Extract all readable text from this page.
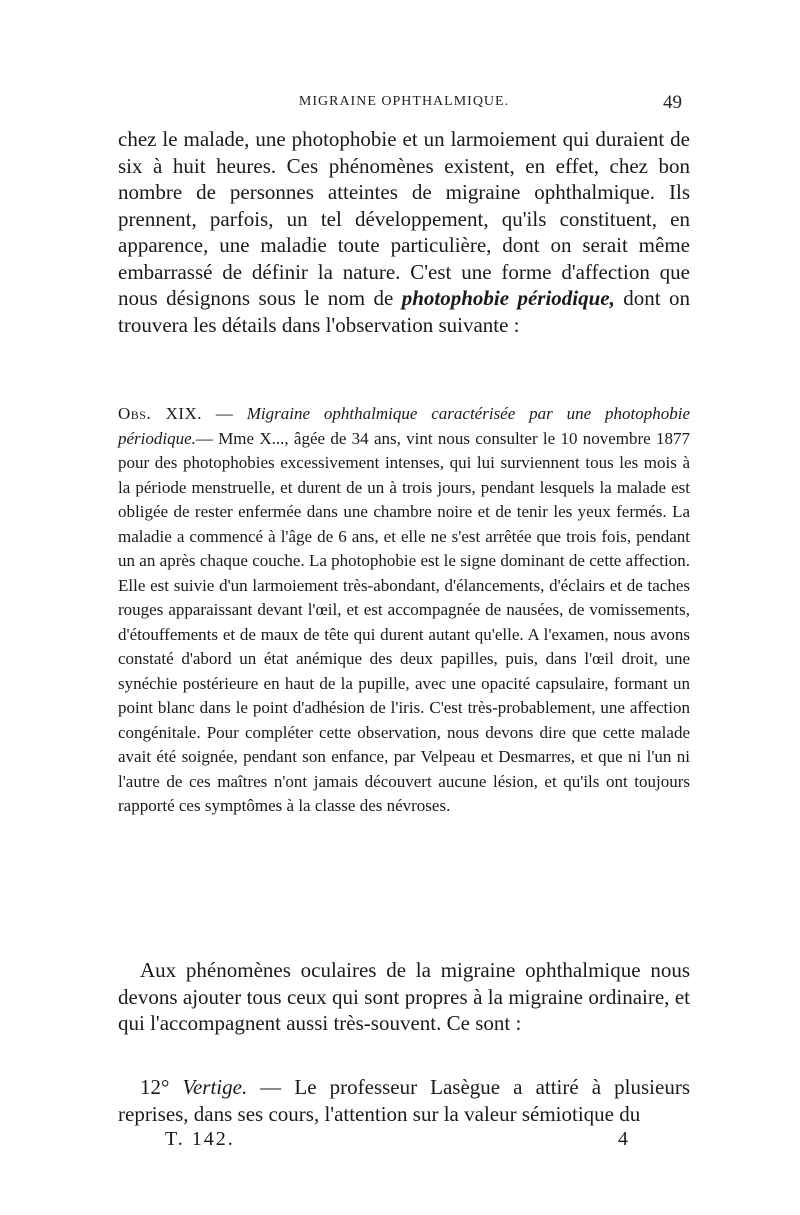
MIGRAINE OPHTHALMIQUE.	49

chez le malade, une photophobie et un larmoiement qui duraient de six à huit heures. Ces phénomènes existent, en effet, chez bon nombre de personnes atteintes de migraine ophthalmique. Ils prennent, parfois, un tel développement, qu'ils constituent, en apparence, une maladie toute particulière, dont on serait même embarrassé de définir la nature. C'est une forme d'affection que nous désignons sous le nom de photophobie périodique, dont on trouvera les détails dans l'observation suivante :

Obs. XIX. — Migraine ophthalmique caractérisée par une photophobie périodique.— Mme X..., âgée de 34 ans, vint nous consulter le 10 novembre 1877 pour des photophobies excessivement intenses, qui lui surviennent tous les mois à la période menstruelle, et durent de un à trois jours, pendant lesquels la malade est obligée de rester enfermée dans une chambre noire et de tenir les yeux fermés. La maladie a commencé à l'âge de 6 ans, et elle ne s'est arrêtée que trois fois, pendant un an après chaque couche. La photophobie est le signe dominant de cette affection. Elle est suivie d'un larmoiement très-abondant, d'élancements, d'éclairs et de taches rouges apparaissant devant l'œil, et est accompagnée de nausées, de vomissements, d'étouffements et de maux de tête qui durent autant qu'elle. A l'examen, nous avons constaté d'abord un état anémique des deux papilles, puis, dans l'œil droit, une synéchie postérieure en haut de la pupille, avec une opacité capsulaire, formant un point blanc dans le point d'adhésion de l'iris. C'est très-probablement, une affection congénitale. Pour compléter cette observation, nous devons dire que cette malade avait été soignée, pendant son enfance, par Velpeau et Desmarres, et que ni l'un ni l'autre de ces maîtres n'ont jamais découvert aucune lésion, et qu'ils ont toujours rapporté ces symptômes à la classe des névroses.

Aux phénomènes oculaires de la migraine ophthalmique nous devons ajouter tous ceux qui sont propres à la migraine ordinaire, et qui l'accompagnent aussi très-souvent. Ce sont :

12° Vertige. — Le professeur Lasègue a attiré à plusieurs reprises, dans ses cours, l'attention sur la valeur sémiotique du

T. 142.	4
